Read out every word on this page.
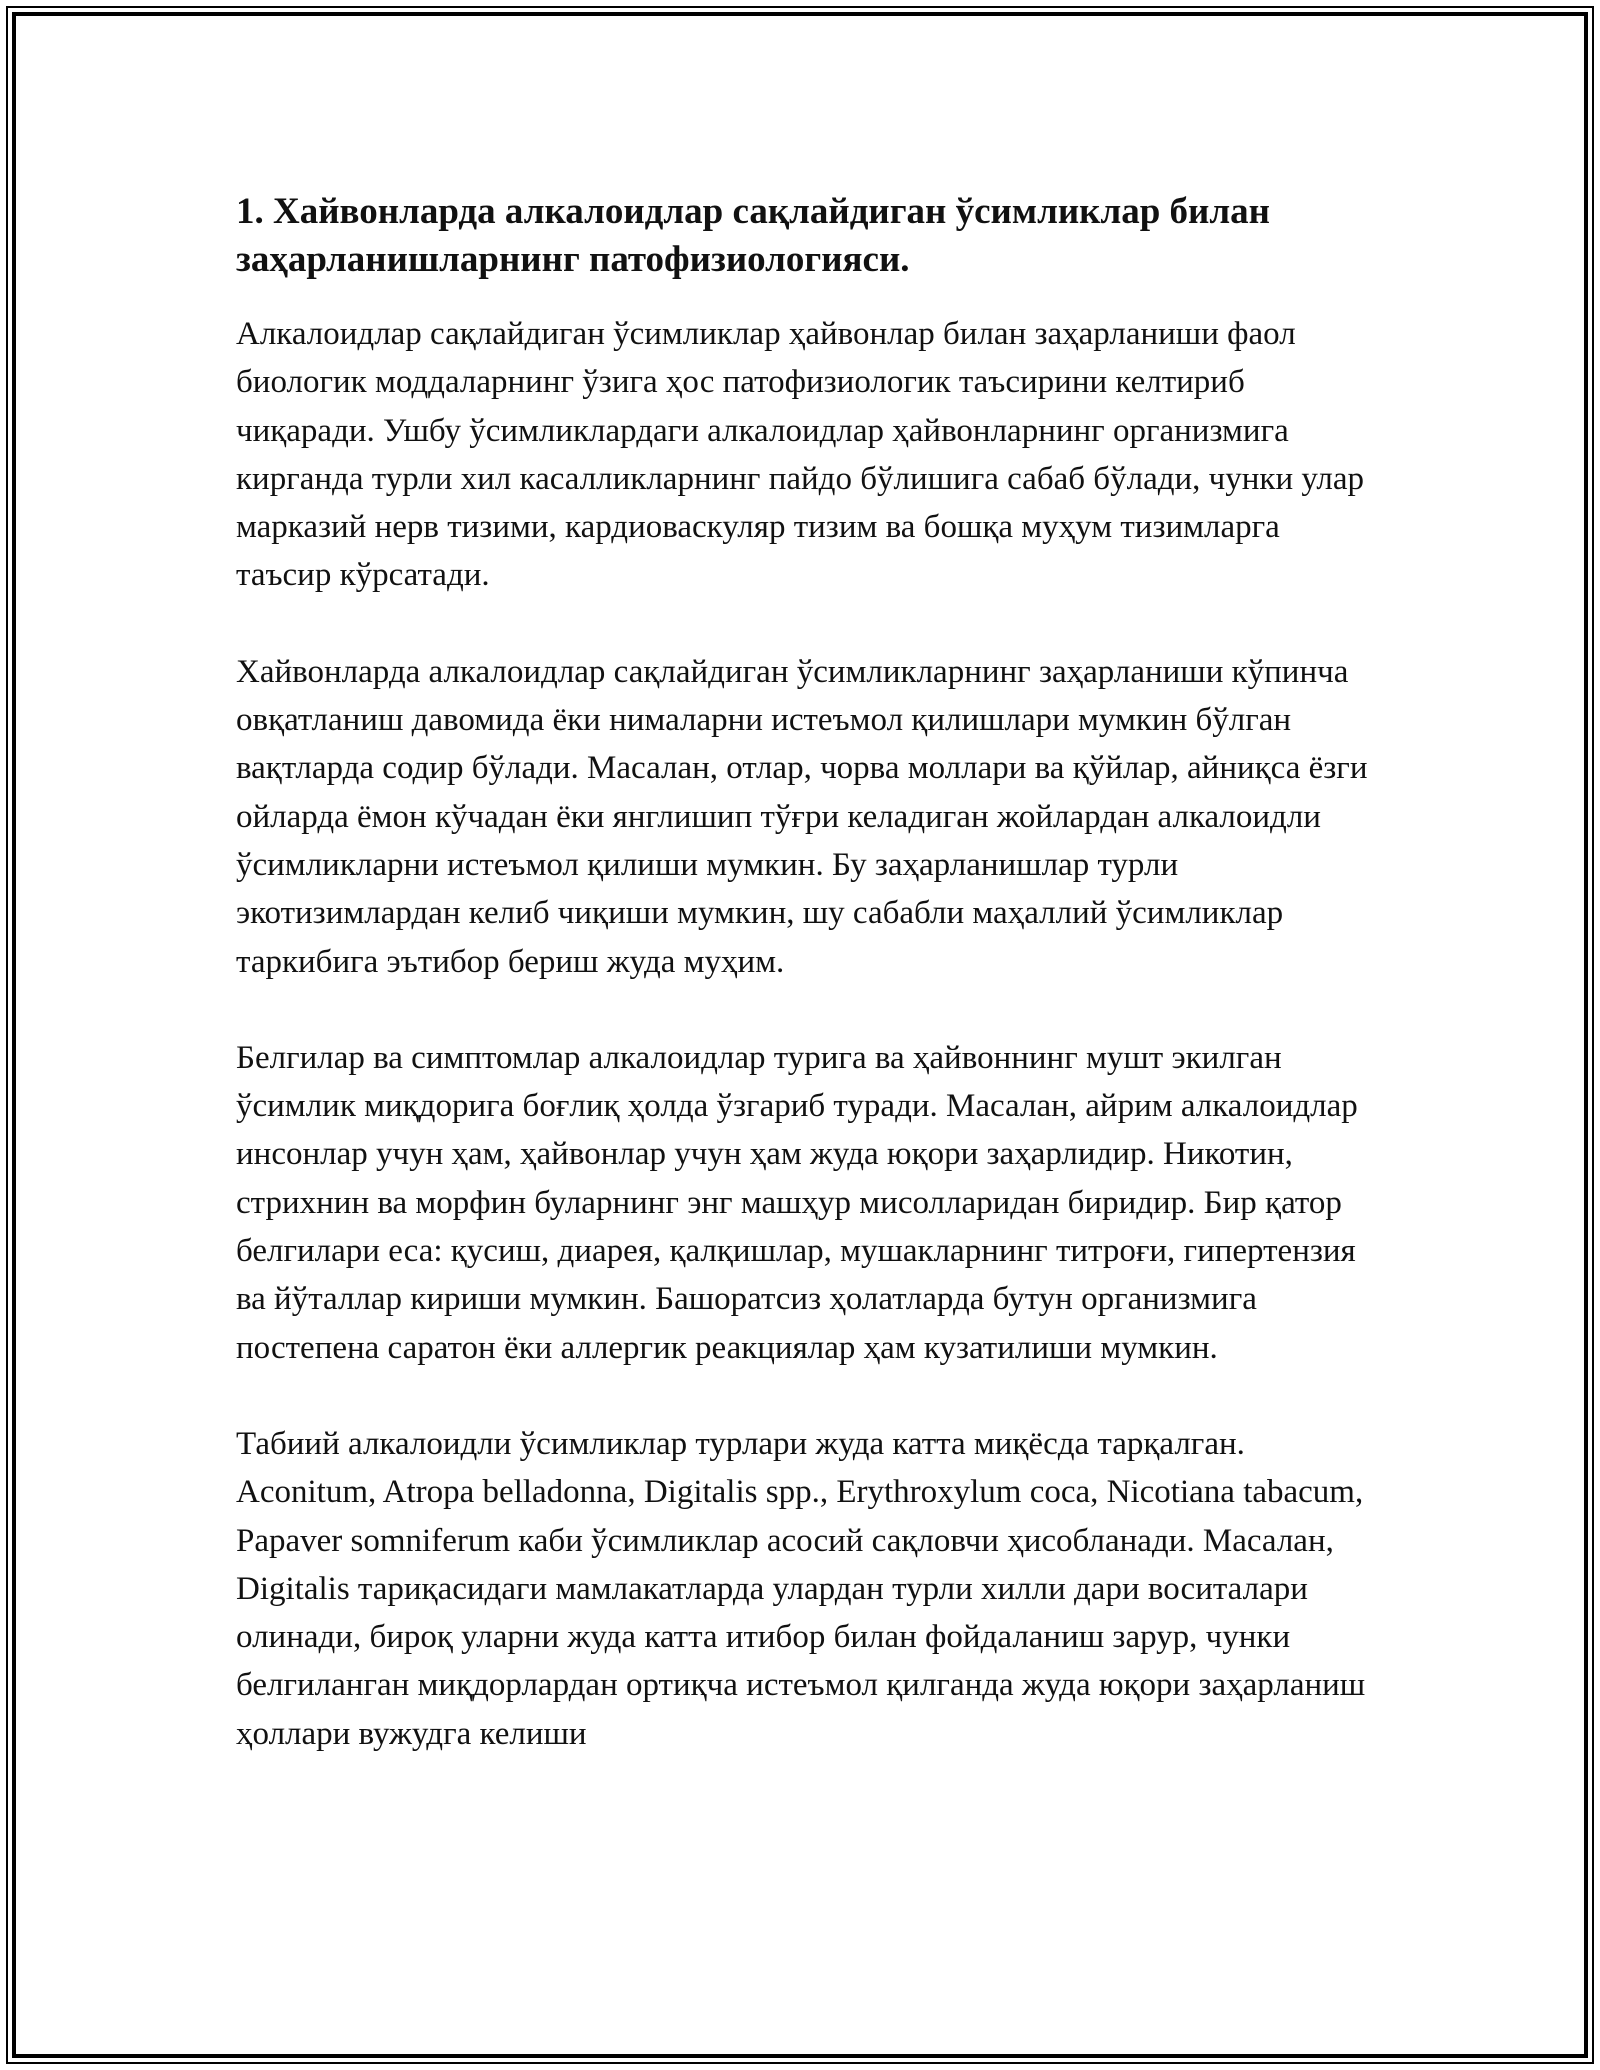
1. Хайвонларда алкалоидлар сақлайдиган ўсимликлар билан заҳарланишларнинг патофизиологияси.

Алкалоидлар сақлайдиган ўсимликлар ҳайвонлар билан заҳарланиши фаол биологик моддаларнинг ўзига ҳос патофизиологик таъсирини келтириб чиқаради. Ушбу ўсимликлардаги алкалоидлар ҳайвонларнинг организмига кирганда турли хил касалликларнинг пайдо бўлишига сабаб бўлади, чунки улар марказий нерв тизими, кардиоваскуляр тизим ва бошқа муҳум тизимларга таъсир кўрсатади.

Хайвонларда алкалоидлар сақлайдиган ўсимликларнинг заҳарланиши кўпинча овқатланиш давомида ёки нималарни истеъмол қилишлари мумкин бўлган вақтларда содир бўлади. Масалан, отлар, чорва моллари ва қўйлар, айниқса ёзги ойларда ёмон кўчадан ёки янглишип тўғри келадиган жойлардан алкалоидли ўсимликларни истеъмол қилиши мумкин. Бу заҳарланишлар турли экотизимлардан келиб чиқиши мумкин, шу сабабли маҳаллий ўсимликлар таркибига эътибор бериш жуда муҳим.

Белгилар ва симптомлар алкалоидлар турига ва ҳайвоннинг мушт экилган ўсимлик миқдорига боғлиқ ҳолда ўзгариб туради. Масалан, айрим алкалоидлар инсонлар учун ҳам, ҳайвонлар учун ҳам жуда юқори заҳарлидир. Никотин, стрихнин ва морфин буларнинг энг машҳур мисолларидан биридир. Бир қатор белгилари еса: қусиш, диарея, қалқишлар, мушакларнинг титроғи, гипертензия ва йўталлар кириши мумкин. Башоратсиз ҳолатларда бутун организмига постепена саратон ёки аллергик реакциялар ҳам кузатилиши мумкин.

Табиий алкалоидли ўсимликлар турлари жуда катта миқёсда тарқалган. Aconitum, Atropa belladonna, Digitalis spp., Erythroxylum coca, Nicotiana tabacum, Papaver somniferum каби ўсимликлар асосий сақловчи ҳисобланади. Масалан, Digitalis тариқасидаги мамлакатларда улардан турли хилли дари воситалари олинади, бироқ уларни жуда катта итибор билан фойдаланиш зарур, чунки белгиланган миқдорлардан ортиқча истеъмол қилганда жуда юқори заҳарланиш ҳоллари вужудга келиши
